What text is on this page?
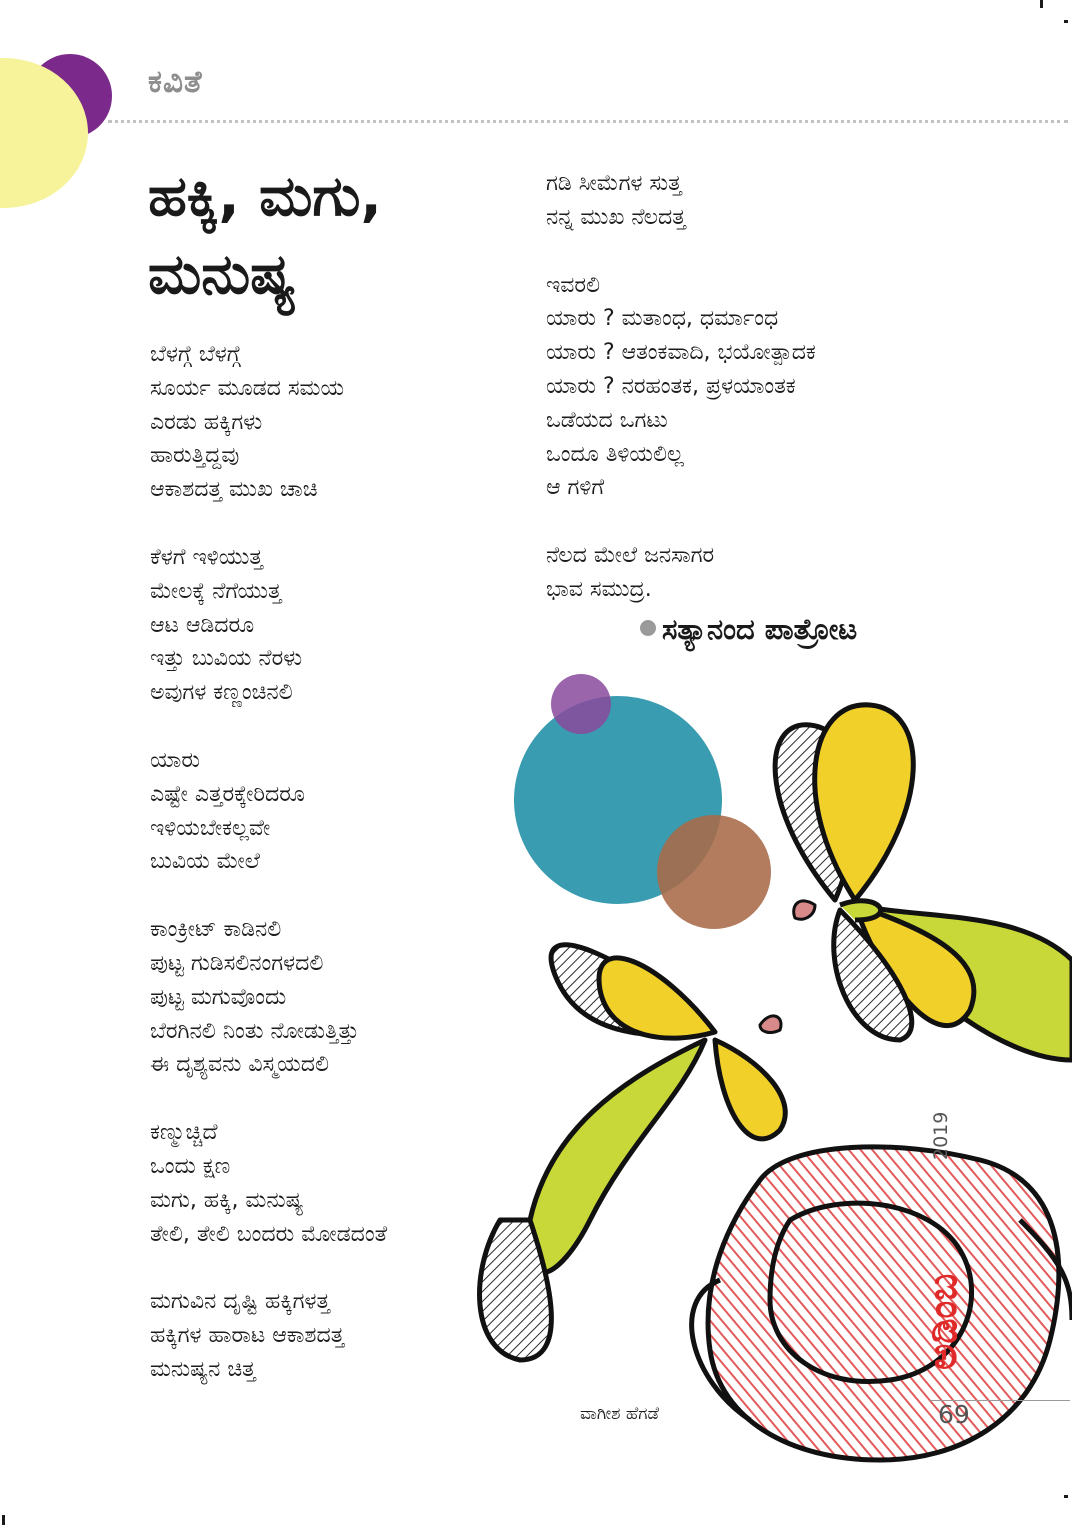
ಕವಿತೆ
ಹಕ್ಕಿ, ಮಗು,
ಮನುಷ್ಯ
ಬೆಳಗ್ಗೆ ಬೆಳಗ್ಗೆ
ಸೂರ್ಯ ಮೂಡದ ಸಮಯ
ಎರಡು ಹಕ್ಕಿಗಳು
ಹಾರುತ್ತಿದ್ದವು
ಆಕಾಶದತ್ತ ಮುಖ ಚಾಚಿ
ಕೆಳಗೆ ಇಳಿಯುತ್ತ
ಮೇಲಕ್ಕೆ ನೆಗೆಯುತ್ತ
ಆಟ ಆಡಿದರೂ
ಇತ್ತು ಬುವಿಯ ನೆರಳು
ಅವುಗಳ ಕಣ್ಣಂಚಿನಲಿ
ಯಾರು
ಎಷ್ಟೇ ಎತ್ತರಕ್ಕೇರಿದರೂ
ಇಳಿಯಬೇಕಲ್ಲವೇ
ಬುವಿಯ ಮೇಲೆ
ಕಾಂಕ್ರೀಟ್ ಕಾಡಿನಲಿ
ಪುಟ್ಟ ಗುಡಿಸಲಿನಂಗಳದಲಿ
ಪುಟ್ಟ ಮಗುವೊಂದು
ಬೆರಗಿನಲಿ ನಿಂತು ನೋಡುತ್ತಿತ್ತು
ಈ ದೃಶ್ಯವನು ವಿಸ್ಮಯದಲಿ
ಕಣ್ಮುಚ್ಚಿದೆ
ಒಂದು ಕ್ಷಣ
ಮಗು, ಹಕ್ಕಿ, ಮನುಷ್ಯ
ತೇಲಿ, ತೇಲಿ ಬಂದರು ಮೋಡದಂತೆ
ಮಗುವಿನ ದೃಷ್ಟಿ ಹಕ್ಕಿಗಳತ್ತ
ಹಕ್ಕಿಗಳ ಹಾರಾಟ ಆಕಾಶದತ್ತ
ಮನುಷ್ಯನ ಚಿತ್ತ
ಗಡಿ ಸೀಮೆಗಳ ಸುತ್ತ
ನನ್ನ ಮುಖ ನೆಲದತ್ತ
ಇವರಲಿ
ಯಾರು ? ಮತಾಂಧ, ಧರ್ಮಾಂಧ
ಯಾರು ? ಆತಂಕವಾದಿ, ಭಯೋತ್ಪಾದಕ
ಯಾರು ? ನರಹಂತಕ, ಪ್ರಳಯಾಂತಕ
ಒಡೆಯದ ಒಗಟು
ಒಂದೂ ತಿಳಿಯಲಿಲ್ಲ
ಆ ಗಳಿಗೆ
ನೆಲದ ಮೇಲೆ ಜನಸಾಗರ
ಭಾವ ಸಮುದ್ರ.
ಸತ್ಯಾನಂದ ಪಾತ್ರೋಟ
2019
ಅಡಿಂಬ
ವಾಗೀಶ ಹೆಗಡೆ	69
